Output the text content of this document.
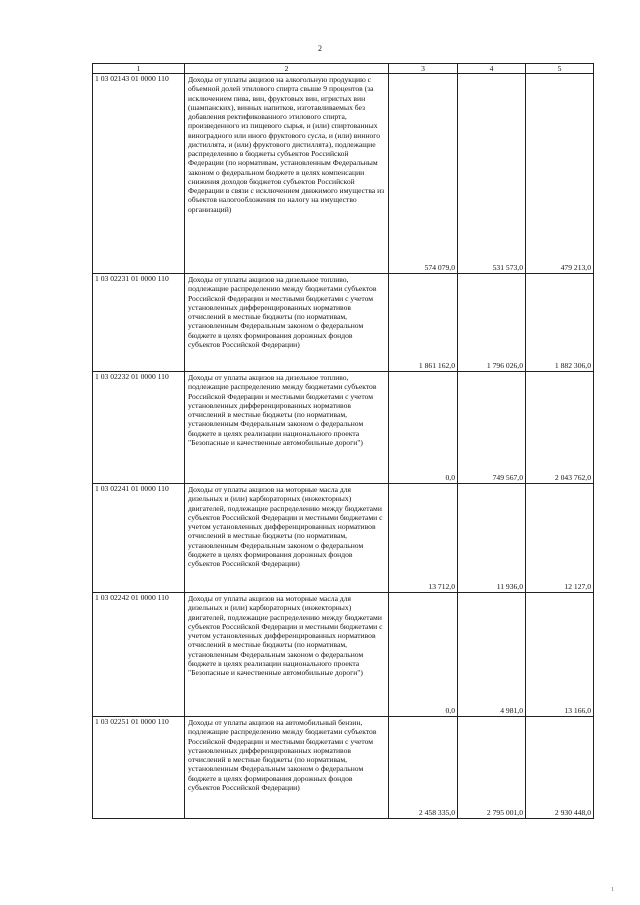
2
1	2	3	4	5
1 03 02143 01 0000 110	Доходы от уплаты акцизов на алкогольную продукцию с объемной долей этилового спирта свыше 9 процентов (за исключением пива, вин, фруктовых вин, игристых вин (шампанских), винных напитков, изготавливаемых без добавления ректификованного этилового спирта, произведенного из пищевого сырья, и (или) спиртованных виноградного или иного фруктового сусла, и (или) винного дистиллята, и (или) фруктового дистиллята), подлежащие распределению в бюджеты субъектов Российской Федерации (по нормативам, установленным Федеральным законом о федеральном бюджете в целях компенсации снижения доходов бюджетов субъектов Российской Федерации в связи с исключением движимого имущества из объектов налогообложения по налогу на имущество организаций)	574 079,0	531 573,0	479 213,0
1 03 02231 01 0000 110	Доходы от уплаты акцизов на дизельное топливо, подлежащие распределению между бюджетами субъектов Российской Федерации и местными бюджетами с учетом установленных дифференцированных нормативов отчислений в местные бюджеты (по нормативам, установленным Федеральным законом о федеральном бюджете в целях формирования дорожных фондов субъектов Российской Федерации)	1 861 162,0	1 796 026,0	1 882 306,0
1 03 02232 01 0000 110	Доходы от уплаты акцизов на дизельное топливо, подлежащие распределению между бюджетами субъектов Российской Федерации и местными бюджетами с учетом установленных дифференцированных нормативов отчислений в местные бюджеты (по нормативам, установленным Федеральным законом о федеральном бюджете в целях реализации национального проекта "Безопасные и качественные автомобильные дороги")	0,0	749 567,0	2 043 762,0
1 03 02241 01 0000 110	Доходы от уплаты акцизов на моторные масла для дизельных и (или) карбюраторных (инжекторных) двигателей, подлежащие распределению между бюджетами субъектов Российской Федерации и местными бюджетами с учетом установленных дифференцированных нормативов отчислений в местные бюджеты (по нормативам, установленным Федеральным законом о федеральном бюджете в целях формирования дорожных фондов субъектов Российской Федерации)	13 712,0	11 936,0	12 127,0
1 03 02242 01 0000 110	Доходы от уплаты акцизов на моторные масла для дизельных и (или) карбюраторных (инжекторных) двигателей, подлежащие распределению между бюджетами субъектов Российской Федерации и местными бюджетами с учетом установленных дифференцированных нормативов отчислений в местные бюджеты (по нормативам, установленным Федеральным законом о федеральном бюджете в целях реализации национального проекта "Безопасные и качественные автомобильные дороги")	0,0	4 981,0	13 166,0
1 03 02251 01 0000 110	Доходы от уплаты акцизов на автомобильный бензин, подлежащие распределению между бюджетами субъектов Российской Федерации и местными бюджетами с учетом установленных дифференцированных нормативов отчислений в местные бюджеты (по нормативам, установленным Федеральным законом о федеральном бюджете в целях формирования дорожных фондов субъектов Российской Федерации)	2 458 335,0	2 795 001,0	2 930 448,0
1
